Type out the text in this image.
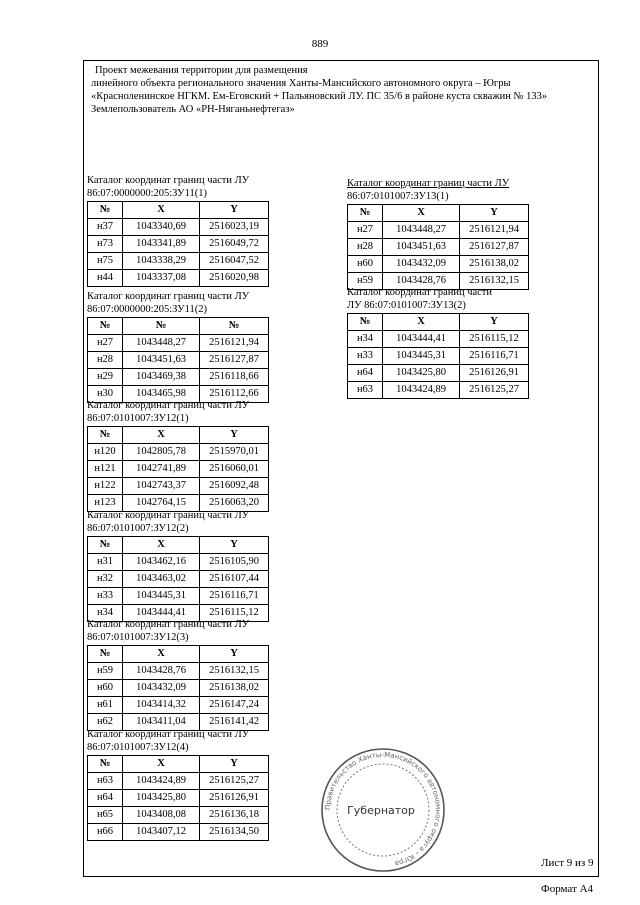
889
Проект межевания территории для размещения
линейного объекта регионального значения Ханты-Мансийского автономного округа – Югры
«Красноленинское НГКМ. Ем-Еговский + Пальяновский ЛУ. ПС 35/6 в районе куста скважин № 133»
Землепользователь АО «РН-Няганьнефтегаз»
Каталог координат границ части ЛУ
86:07:0000000:205:ЗУ11(1)
№	X	Y
н37	1043340,69	2516023,19
н73	1043341,89	2516049,72
н75	1043338,29	2516047,52
н44	1043337,08	2516020,98
Каталог координат границ части ЛУ
86:07:0000000:205:ЗУ11(2)
№	№	№
н27	1043448,27	2516121,94
н28	1043451,63	2516127,87
н29	1043469,38	2516118,66
н30	1043465,98	2516112,66
Каталог координат границ части ЛУ
86:07:0101007:ЗУ12(1)
№	X	Y
н120	1042805,78	2515970,01
н121	1042741,89	2516060,01
н122	1042743,37	2516092,48
н123	1042764,15	2516063,20
Каталог координат границ части ЛУ
86:07:0101007:ЗУ12(2)
№	X	Y
н31	1043462,16	2516105,90
н32	1043463,02	2516107,44
н33	1043445,31	2516116,71
н34	1043444,41	2516115,12
Каталог координат границ части ЛУ
86:07:0101007:ЗУ12(3)
№	X	Y
н59	1043428,76	2516132,15
н60	1043432,09	2516138,02
н61	1043414,32	2516147,24
н62	1043411,04	2516141,42
Каталог координат границ части ЛУ
86:07:0101007:ЗУ12(4)
№	X	Y
н63	1043424,89	2516125,27
н64	1043425,80	2516126,91
н65	1043408,08	2516136,18
н66	1043407,12	2516134,50
Каталог координат границ части ЛУ
86:07:0101007:ЗУ13(1)
№	X	Y
н27	1043448,27	2516121,94
н28	1043451,63	2516127,87
н60	1043432,09	2516138,02
н59	1043428,76	2516132,15
Каталог координат границ части
ЛУ 86:07:0101007:ЗУ13(2)
№	X	Y
н34	1043444,41	2516115,12
н33	1043445,31	2516116,71
н64	1043425,80	2516126,91
н63	1043424,89	2516125,27
Правительство Ханты-Мансийского автономного округа – Югра
Губернатор
Лист 9 из 9
Формат А4
